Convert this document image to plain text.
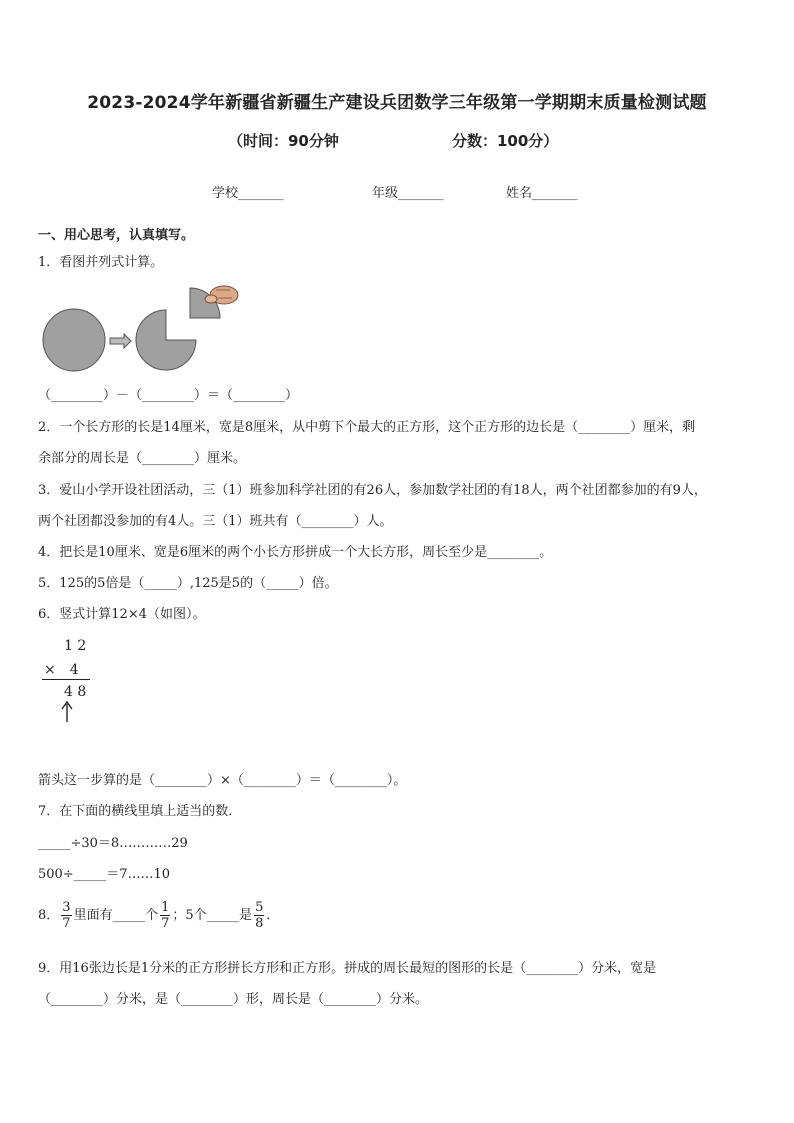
2023-2024学年新疆省新疆生产建设兵团数学三年级第一学期期末质量检测试题
（时间：90分钟	分数：100分）
学校_______	年级_______	姓名_______
一、用心思考，认真填写。
1．看图并列式计算。
（________）－（________）＝（________）
2．一个长方形的长是14厘米，宽是8厘米，从中剪下个最大的正方形，这个正方形的边长是（________）厘米，剩
余部分的周长是（________）厘米。
3．爱山小学开设社团活动，三（1）班参加科学社团的有26人，参加数学社团的有18人，两个社团都参加的有9人，
两个社团都没参加的有4人。三（1）班共有（________）人。
4．把长是10厘米、宽是6厘米的两个小长方形拼成一个大长方形，周长至少是________。
5．125的5倍是（_____）,125是5的（_____）倍。
6．竖式计算12×4（如图）。
1 2
×　4
4 8
箭头这一步算的是（________）×（________）＝（________）。
7．在下面的横线里填上适当的数．
_____÷30＝8…………29
500÷_____＝7……10
8． $\frac{3}{7}$ 里面有_____个 $\frac{1}{7}$ ；5个_____是 $\frac{5}{8}$ ．
9．用16张边长是1分米的正方形拼长方形和正方形。拼成的周长最短的图形的长是（________）分米，宽是
（________）分米，是（________）形，周长是（________）分米。
